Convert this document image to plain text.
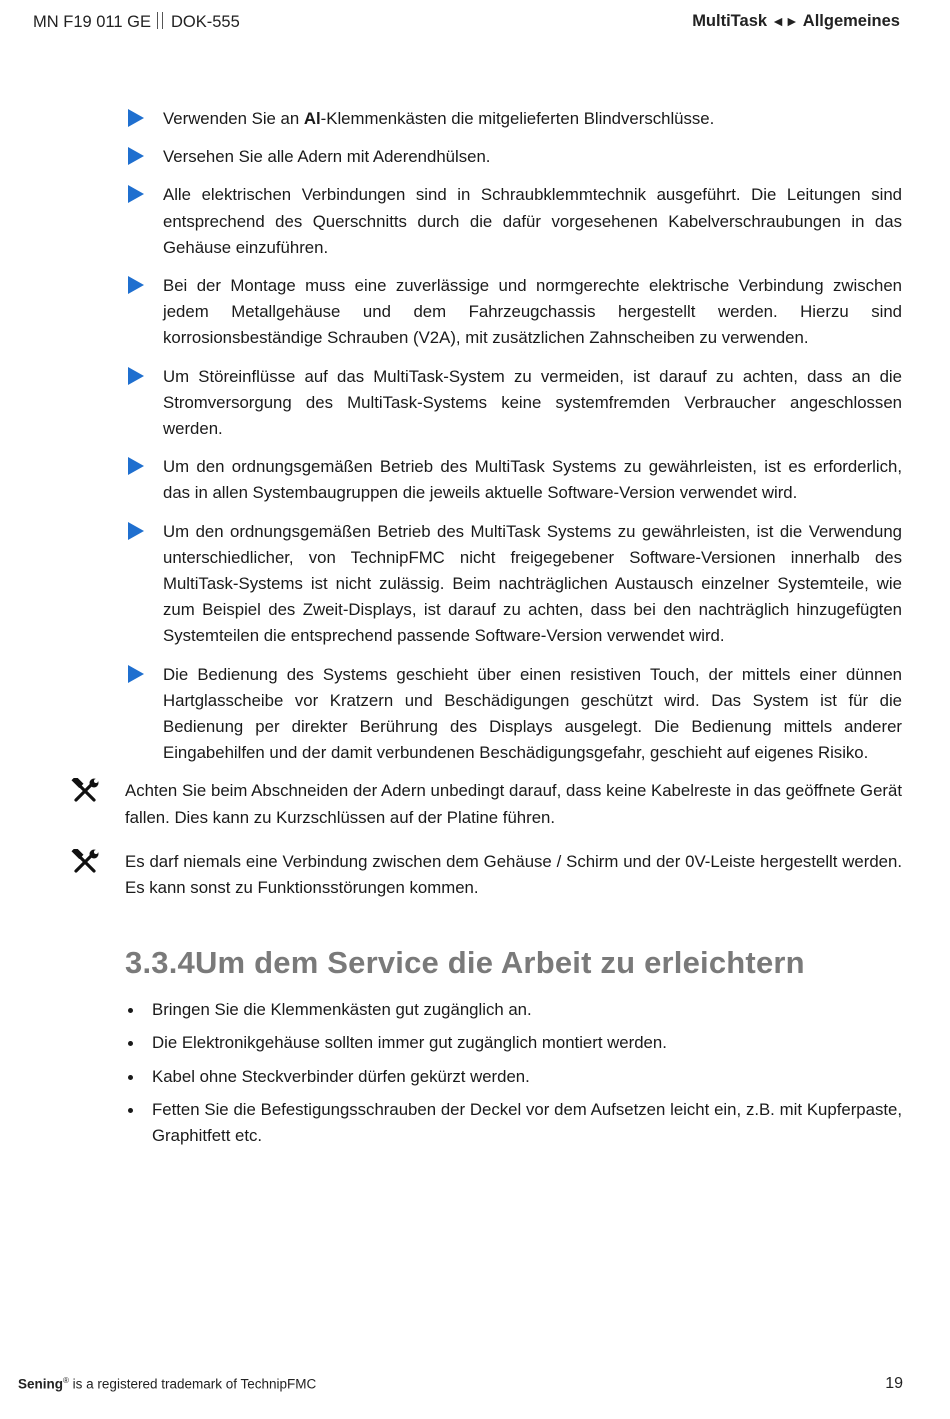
MN F19 011 GE DOK-555	MultiTask ◄► Allgemeines
Verwenden Sie an Al-Klemmenkästen die mitgelieferten Blindverschlüsse.
Versehen Sie alle Adern mit Aderendhülsen.
Alle elektrischen Verbindungen sind in Schraubklemmtechnik ausgeführt. Die Leitungen sind entsprechend des Querschnitts durch die dafür vorgesehenen Kabelverschraubungen in das Gehäuse einzuführen.
Bei der Montage muss eine zuverlässige und normgerechte elektrische Verbindung zwischen jedem Metallgehäuse und dem Fahrzeugchassis hergestellt werden. Hierzu sind korrosionsbeständige Schrauben (V2A), mit zusätzlichen Zahnscheiben zu verwenden.
Um Störeinflüsse auf das MultiTask-System zu vermeiden, ist darauf zu achten, dass an die Stromversorgung des MultiTask-Systems keine systemfremden Verbraucher angeschlossen werden.
Um den ordnungsgemäßen Betrieb des MultiTask Systems zu gewährleisten, ist es erforderlich, das in allen Systembaugruppen die jeweils aktuelle Software-Version verwendet wird.
Um den ordnungsgemäßen Betrieb des MultiTask Systems zu gewährleisten, ist die Verwendung unterschiedlicher, von TechnipFMC nicht freigegebener Software-Versionen innerhalb des MultiTask-Systems ist nicht zulässig. Beim nachträglichen Austausch einzelner Systemteile, wie zum Beispiel des Zweit-Displays, ist darauf zu achten, dass bei den nachträglich hinzugefügten Systemteilen die entsprechend passende Software-Version verwendet wird.
Die Bedienung des Systems geschieht über einen resistiven Touch, der mittels einer dünnen Hartglasscheibe vor Kratzern und Beschädigungen geschützt wird. Das System ist für die Bedienung per direkter Berührung des Displays ausgelegt. Die Bedienung mittels anderer Eingabehilfen und der damit verbundenen Beschädigungsgefahr, geschieht auf eigenes Risiko.
Achten Sie beim Abschneiden der Adern unbedingt darauf, dass keine Kabelreste in das geöffnete Gerät fallen. Dies kann zu Kurzschlüssen auf der Platine führen.
Es darf niemals eine Verbindung zwischen dem Gehäuse / Schirm und der 0V-Leiste hergestellt werden. Es kann sonst zu Funktionsstörungen kommen.
3.3.4Um dem Service die Arbeit zu erleichtern
Bringen Sie die Klemmenkästen gut zugänglich an.
Die Elektronikgehäuse sollten immer gut zugänglich montiert werden.
Kabel ohne Steckverbinder dürfen gekürzt werden.
Fetten Sie die Befestigungsschrauben der Deckel vor dem Aufsetzen leicht ein, z.B. mit Kupferpaste, Graphitfett etc.
Sening® is a registered trademark of TechnipFMC	19
